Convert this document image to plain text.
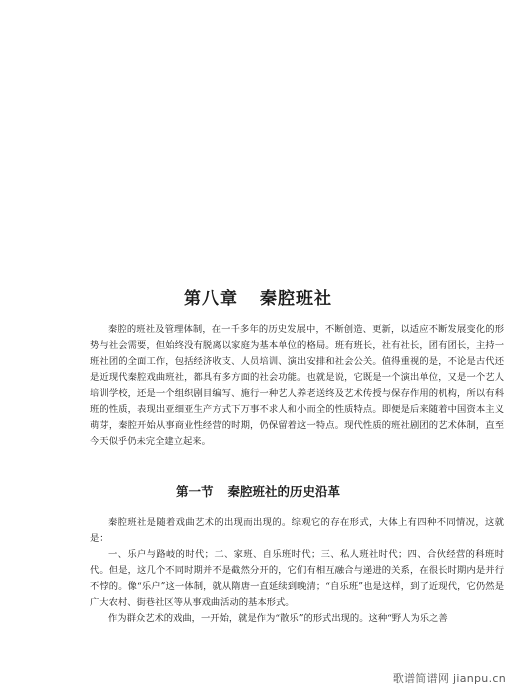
第八章 秦腔班社

秦腔的班社及管理体制，在一千多年的历史发展中，不断创造、更新，以适应不断发展变化的形势与社会需要，但始终没有脱离以家庭为基本单位的格局。班有班长，社有社长，团有团长，主持一班社团的全面工作，包括经济收支、人员培训、演出安排和社会公关。值得重视的是，不论是古代还是近现代秦腔戏曲班社，都具有多方面的社会功能。也就是说，它既是一个演出单位，又是一个艺人培训学校，还是一个组织剧目编写、施行一种艺人养老送终及艺术传授与保存作用的机构，所以有科班的性质，表现出亚细亚生产方式下万事不求人和小而全的性质特点。即便是后来随着中国资本主义萌芽，秦腔开始从事商业性经营的时期，仍保留着这一特点。现代性质的班社剧团的艺术体制，直至今天似乎仍未完全建立起来。

第一节 秦腔班社的历史沿革

秦腔班社是随着戏曲艺术的出现而出现的。综观它的存在形式，大体上有四种不同情况，这就是：

一、乐户与路岐的时代；二、家班、自乐班时代；三、私人班社时代；四、合伙经营的科班时代。但是，这几个不同时期并不是截然分开的，它们有相互融合与递进的关系，在很长时期内是并行不悖的。像“乐户”这一体制，就从隋唐一直延续到晚清；“自乐班”也是这样，到了近现代，它仍然是广大农村、街巷社区等从事戏曲活动的基本形式。

作为群众艺术的戏曲，一开始，就是作为“散乐”的形式出现的。这种“野人为乐之善

歌谱简谱网 jianpu.cn
